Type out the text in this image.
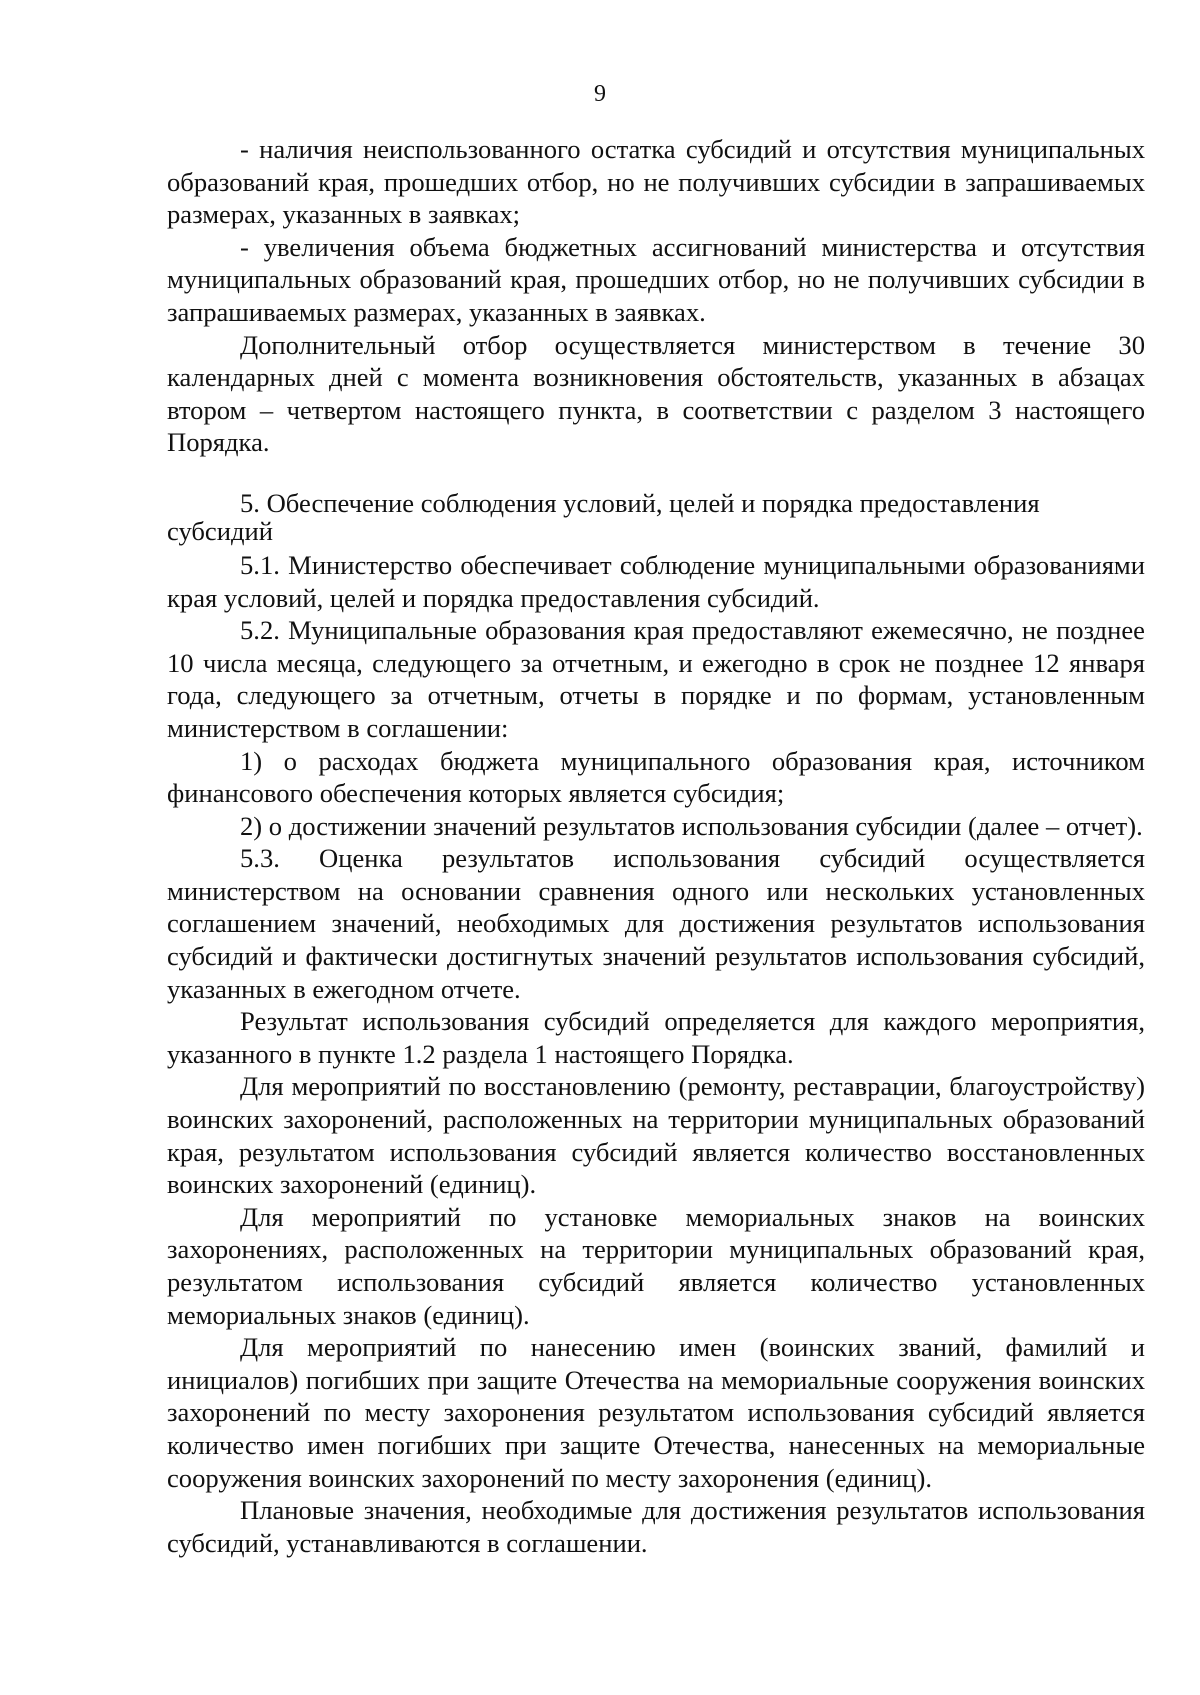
9

- наличия неиспользованного остатка субсидий и отсутствия муниципальных образований края, прошедших отбор, но не получивших субсидии в запрашиваемых размерах, указанных в заявках;

- увеличения объема бюджетных ассигнований министерства и отсутствия муниципальных образований края, прошедших отбор, но не получивших субсидии в запрашиваемых размерах, указанных в заявках.

Дополнительный отбор осуществляется министерством в течение 30 календарных дней с момента возникновения обстоятельств, указанных в абзацах втором – четвертом настоящего пункта, в соответствии с разделом 3 настоящего Порядка.

5. Обеспечение соблюдения условий, целей и порядка предоставления субсидий

5.1. Министерство обеспечивает соблюдение муниципальными образованиями края условий, целей и порядка предоставления субсидий.

5.2. Муниципальные образования края предоставляют ежемесячно, не позднее 10 числа месяца, следующего за отчетным, и ежегодно в срок не позднее 12 января года, следующего за отчетным, отчеты в порядке и по формам, установленным министерством в соглашении:

1) о расходах бюджета муниципального образования края, источником финансового обеспечения которых является субсидия;

2) о достижении значений результатов использования субсидии (далее – отчет).

5.3. Оценка результатов использования субсидий осуществляется министерством на основании сравнения одного или нескольких установленных соглашением значений, необходимых для достижения результатов использования субсидий и фактически достигнутых значений результатов использования субсидий, указанных в ежегодном отчете.

Результат использования субсидий определяется для каждого мероприятия, указанного в пункте 1.2 раздела 1 настоящего Порядка.

Для мероприятий по восстановлению (ремонту, реставрации, благоустройству) воинских захоронений, расположенных на территории муниципальных образований края, результатом использования субсидий является количество восстановленных воинских захоронений (единиц).

Для мероприятий по установке мемориальных знаков на воинских захоронениях, расположенных на территории муниципальных образований края, результатом использования субсидий является количество установленных мемориальных знаков (единиц).

Для мероприятий по нанесению имен (воинских званий, фамилий и инициалов) погибших при защите Отечества на мемориальные сооружения воинских захоронений по месту захоронения результатом использования субсидий является количество имен погибших при защите Отечества, нанесенных на мемориальные сооружения воинских захоронений по месту захоронения (единиц).

Плановые значения, необходимые для достижения результатов использования субсидий, устанавливаются в соглашении.
